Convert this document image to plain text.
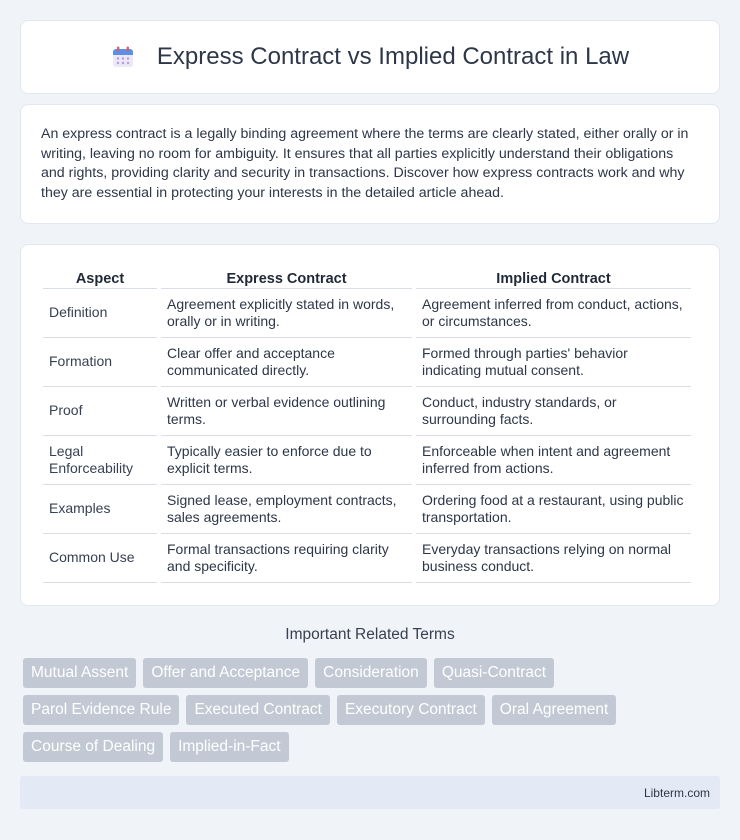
Express Contract vs Implied Contract in Law

An express contract is a legally binding agreement where the terms are clearly stated, either orally or in writing, leaving no room for ambiguity. It ensures that all parties explicitly understand their obligations and rights, providing clarity and security in transactions. Discover how express contracts work and why they are essential in protecting your interests in the detailed article ahead.

Aspect	Express Contract	Implied Contract
Definition	Agreement explicitly stated in words, orally or in writing.	Agreement inferred from conduct, actions, or circumstances.
Formation	Clear offer and acceptance communicated directly.	Formed through parties' behavior indicating mutual consent.
Proof	Written or verbal evidence outlining terms.	Conduct, industry standards, or surrounding facts.
Legal Enforceability	Typically easier to enforce due to explicit terms.	Enforceable when intent and agreement inferred from actions.
Examples	Signed lease, employment contracts, sales agreements.	Ordering food at a restaurant, using public transportation.
Common Use	Formal transactions requiring clarity and specificity.	Everyday transactions relying on normal business conduct.
Important Related Terms
Mutual Assent	Offer and Acceptance	Consideration	Quasi-Contract
Parol Evidence Rule	Executed Contract	Executory Contract	Oral Agreement
Course of Dealing	Implied-in-Fact
Libterm.com
